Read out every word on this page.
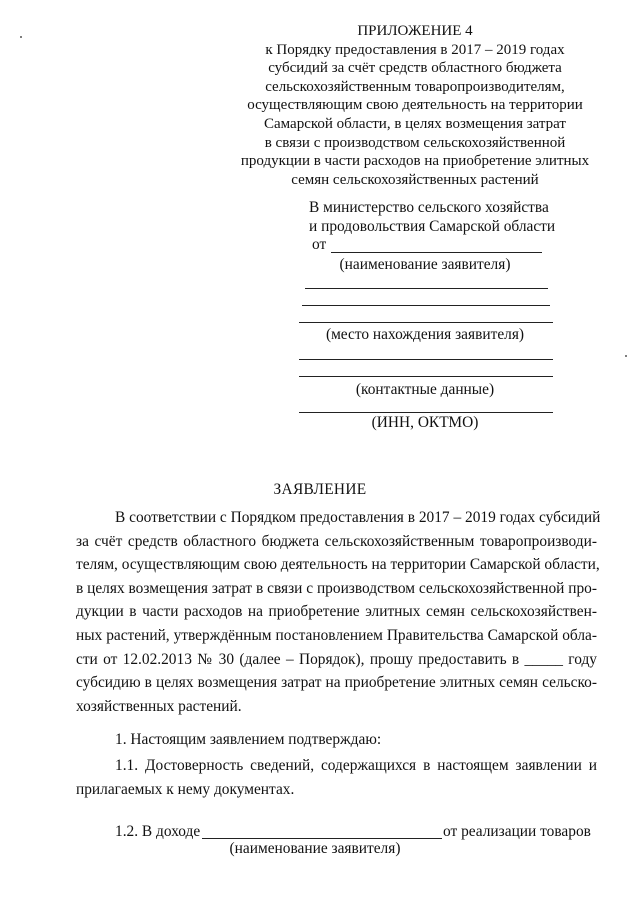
ПРИЛОЖЕНИЕ 4
к Порядку предоставления в 2017 – 2019 годах
субсидий за счёт средств областного бюджета
сельскохозяйственным товаропроизводителям,
осуществляющим свою деятельность на территории
Самарской области, в целях возмещения затрат
в связи с производством сельскохозяйственной
продукции в части расходов на приобретение элитных
семян сельскохозяйственных растений
В министерство сельского хозяйства
и продовольствия Самарской области
от
(наименование заявителя)
(место нахождения заявителя)
(контактные данные)
(ИНН, ОКТМО)
ЗАЯВЛЕНИЕ
В соответствии с Порядком предоставления в 2017 – 2019 годах субсидий
за счёт средств областного бюджета сельскохозяйственным товаропроизводи-
телям, осуществляющим свою деятельность на территории Самарской области,
в целях возмещения затрат в связи с производством сельскохозяйственной про-
дукции в части расходов на приобретение элитных семян сельскохозяйствен-
ных растений, утверждённым постановлением Правительства Самарской обла-
сти от 12.02.2013 № 30 (далее – Порядок), прошу предоставить в _____ году
субсидию в целях возмещения затрат на приобретение элитных семян сельско-
хозяйственных растений.
1. Настоящим заявлением подтверждаю:
1.1. Достоверность сведений, содержащихся в настоящем заявлении и
прилагаемых к нему документах.
1.2. В доходе	от реализации товаров
(наименование заявителя)
